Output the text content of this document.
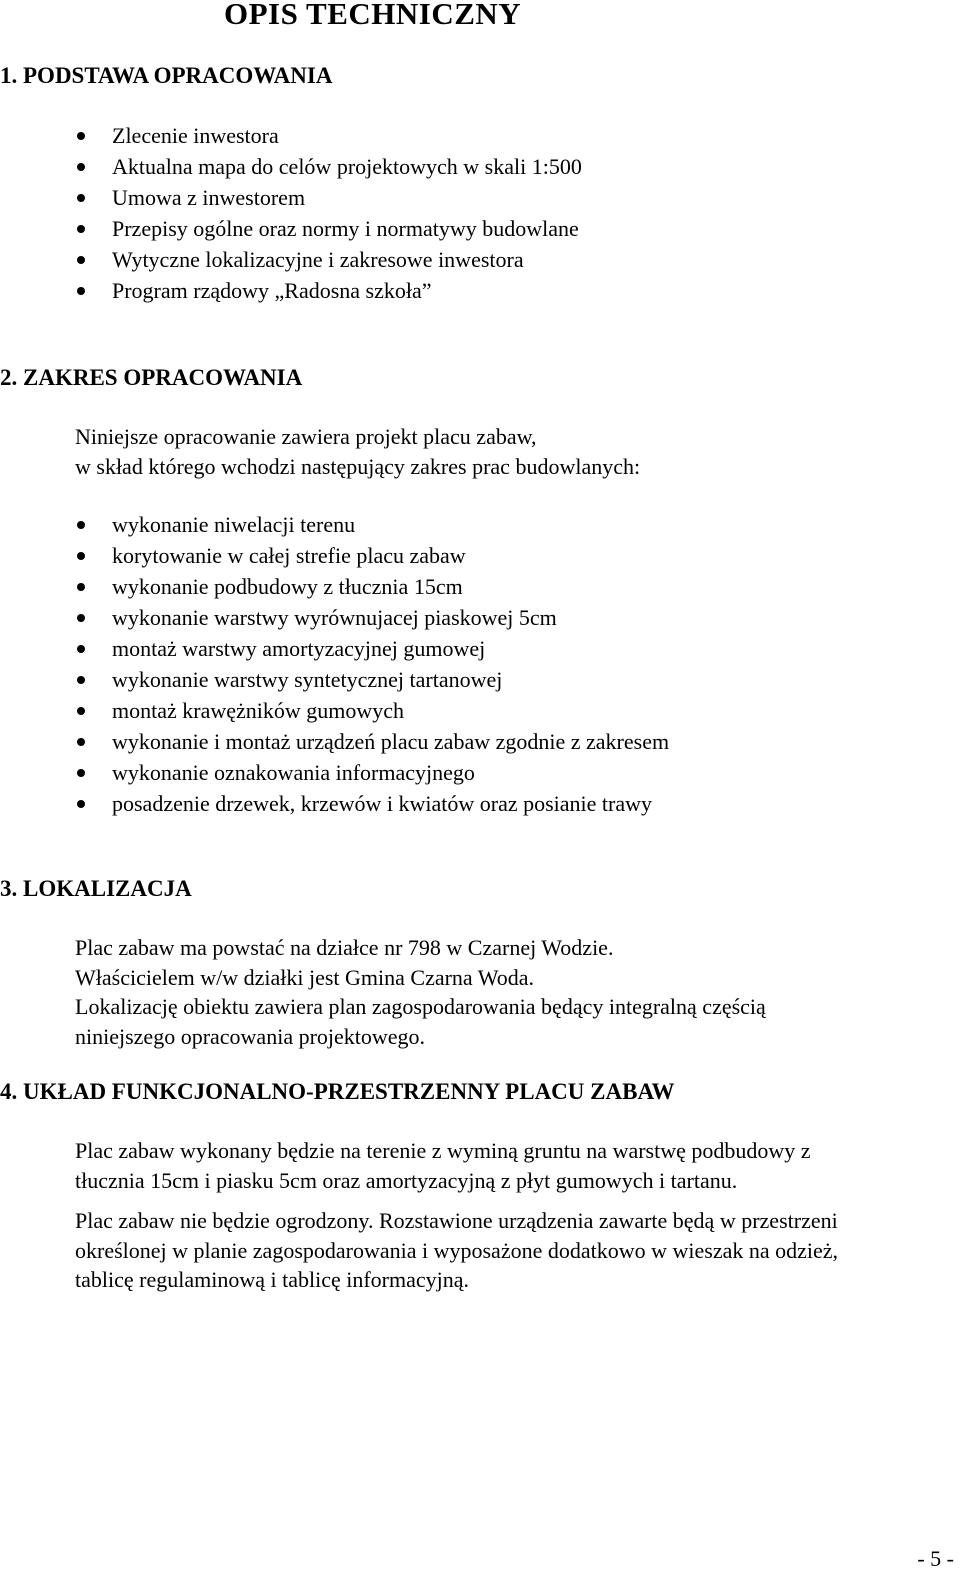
OPIS TECHNICZNY
1. PODSTAWA OPRACOWANIA
Zlecenie inwestora
Aktualna mapa do celów projektowych w skali 1:500
Umowa z inwestorem
Przepisy ogólne oraz normy i normatywy budowlane
Wytyczne lokalizacyjne i zakresowe inwestora
Program rządowy „Radosna szkoła”
2. ZAKRES OPRACOWANIA

Niniejsze opracowanie zawiera projekt placu zabaw,
w skład którego wchodzi następujący zakres prac budowlanych:

wykonanie niwelacji terenu
korytowanie w całej strefie placu zabaw
wykonanie podbudowy z tłucznia 15cm
wykonanie warstwy wyrównujacej piaskowej 5cm
montaż warstwy amortyzacyjnej gumowej
wykonanie warstwy syntetycznej tartanowej
montaż krawężników gumowych
wykonanie i montaż urządzeń placu zabaw zgodnie z zakresem
wykonanie oznakowania informacyjnego
posadzenie drzewek, krzewów i kwiatów oraz posianie trawy
3. LOKALIZACJA

Plac zabaw ma powstać na działce nr 798 w Czarnej Wodzie.
Właścicielem w/w działki jest Gmina Czarna Woda.
Lokalizację obiektu zawiera plan zagospodarowania będący integralną częścią
niniejszego opracowania projektowego.

4. UKŁAD FUNKCJONALNO-PRZESTRZENNY PLACU ZABAW

Plac zabaw wykonany będzie na terenie z wyminą gruntu na warstwę podbudowy z
tłucznia 15cm i piasku 5cm oraz amortyzacyjną z płyt gumowych i tartanu.

Plac zabaw nie będzie ogrodzony. Rozstawione urządzenia zawarte będą w przestrzeni
określonej w planie zagospodarowania i wyposażone dodatkowo w wieszak na odzież,
tablicę regulaminową i tablicę informacyjną.

- 5 -
